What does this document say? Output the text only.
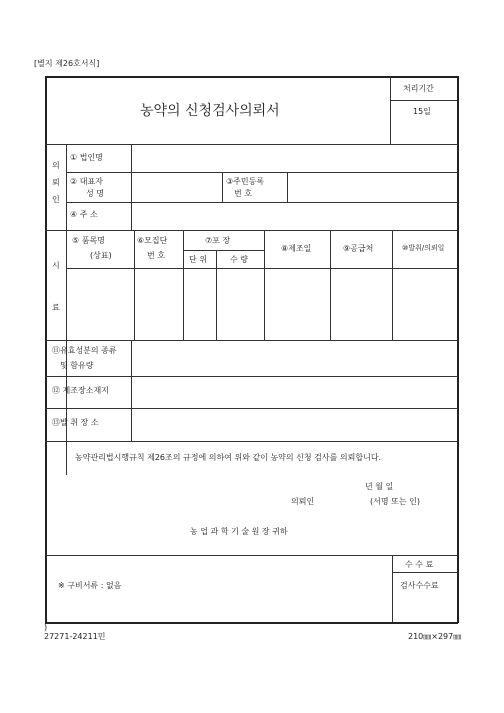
[별지 제26호서식]
농약의 신청검사의뢰서
처리기간
15일
의
뢰
인
① 법인명
② 대표자
성 명
③주민등록
번 호
④ 주 소
시
료
⑤ 품목명
(상표)
⑥모집단
번 호
⑦포 장
단 위	수 량
⑧제조일	⑨공급처	⑩발취/의뢰일
⑪유효성분의 종류
및 함유량
⑫ 제조장소재지
⑬발 취 장 소
농약관리법시행규칙 제26조의 규정에 의하여 위와 같이 농약의 신청 검사를 의뢰합니다.
년 월 일
의뢰인	(서명 또는 인)
농 업 과 학 기 술 원 장 귀하
※ 구비서류 : 없음
수 수 료
검사수수료
)
27271-24211민	210㎜×297㎜
